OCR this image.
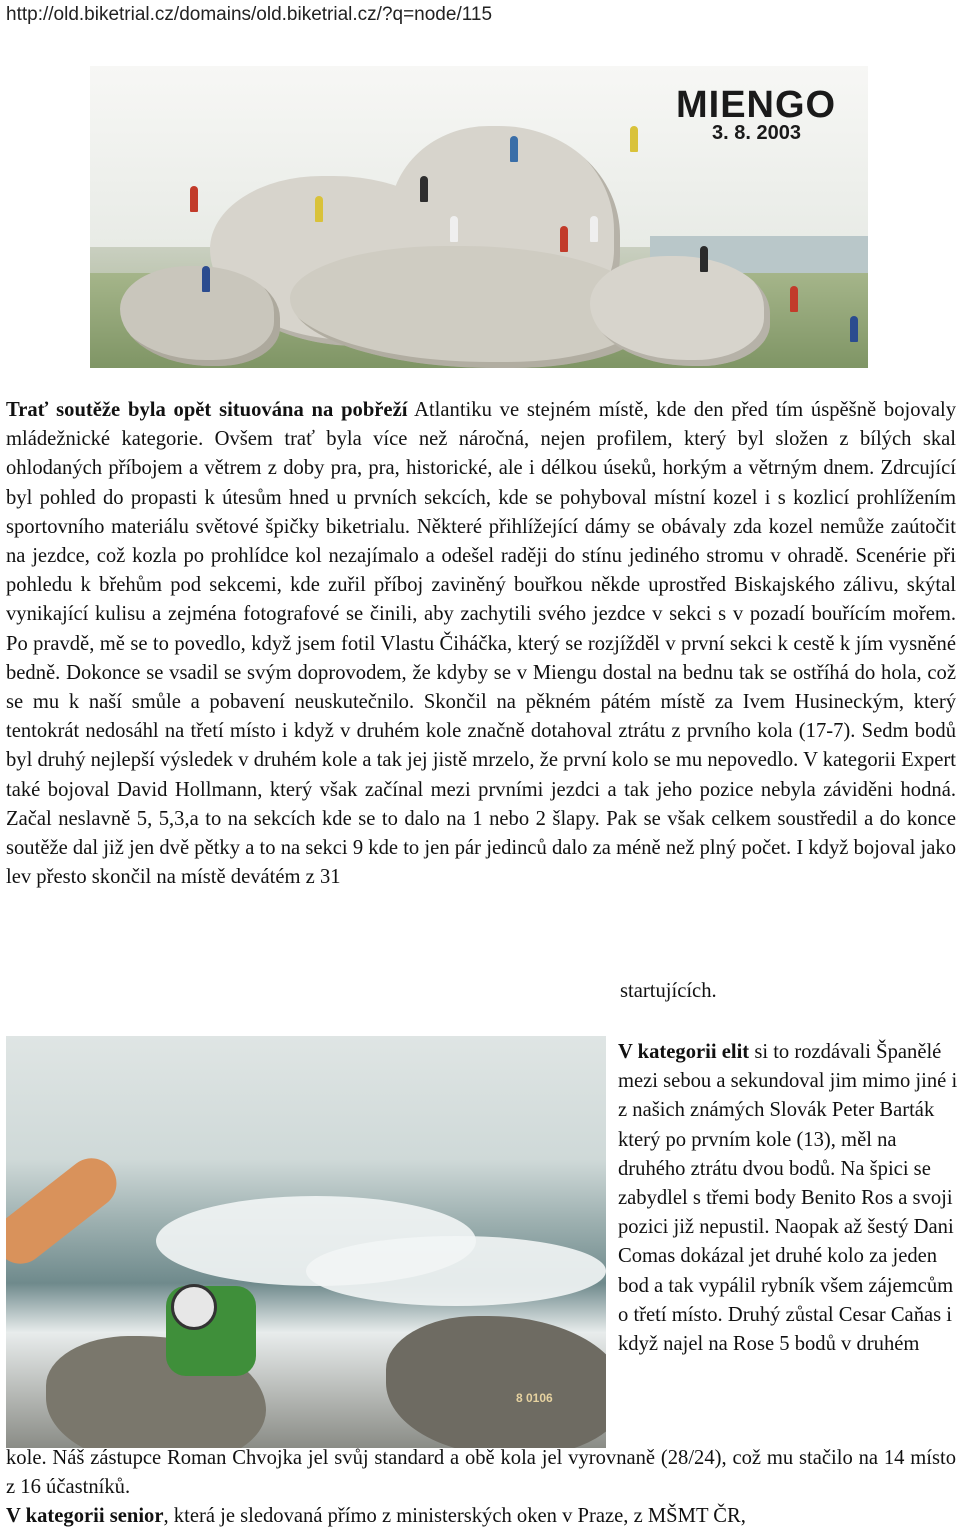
http://old.biketrial.cz/domains/old.biketrial.cz/?q=node/115
MIENGO
3. 8. 2003

Trať soutěže byla opět situována na pobřeží Atlantiku ve stejném místě, kde den před tím úspěšně bojovaly mládežnické kategorie. Ovšem trať byla více než náročná, nejen profilem, který byl složen z bílých skal ohlodaných příbojem a větrem z doby pra, pra, historické, ale i délkou úseků, horkým a větrným dnem. Zdrcující byl pohled do propasti k útesům hned u prvních sekcích, kde se pohyboval místní kozel i s kozlicí prohlížením sportovního materiálu světové špičky biketrialu. Některé přihlížející dámy se obávaly zda kozel nemůže zaútočit na jezdce, což kozla po prohlídce kol nezajímalo a odešel raději do stínu jediného stromu v ohradě. Scenérie při pohledu k břehům pod sekcemi, kde zuřil příboj zaviněný bouřkou někde uprostřed Biskajského zálivu, skýtal vynikající kulisu a zejména fotografové se činili, aby zachytili svého jezdce v sekci s v pozadí bouřícím mořem. Po pravdě, mě se to povedlo, když jsem fotil Vlastu Čiháčka, který se rozjížděl v první sekci k cestě k jím vysněné bedně. Dokonce se vsadil se svým doprovodem, že kdyby se v Miengu dostal na bednu tak se ostříhá do hola, což se mu k naší smůle a pobavení neuskutečnilo. Skončil na pěkném pátém místě za Ivem Husineckým, který tentokrát nedosáhl na třetí místo i když v druhém kole značně dotahoval ztrátu z prvního kola (17-7). Sedm bodů byl druhý nejlepší výsledek v druhém kole a tak jej jistě mrzelo, že první kolo se mu nepovedlo. V kategorii Expert také bojoval David Hollmann, který však začínal mezi prvními jezdci a tak jeho pozice nebyla záviděni hodná. Začal neslavně 5, 5,3,a to na sekcích kde se to dalo na 1 nebo 2 šlapy. Pak se však celkem soustředil a do konce soutěže dal již jen dvě pětky a to na sekci 9 kde to jen pár jedinců dalo za méně než plný počet. I když bojoval jako lev přesto skončil na místě devátém z 31

startujících.
8 0106

V kategorii elit si to rozdávali Španělé mezi sebou a sekundoval jim mimo jiné i z našich známých Slovák Peter Barták který po prvním kole (13), měl na druhého ztrátu dvou bodů. Na špici se zabydlel s třemi body Benito Ros a svoji pozici již nepustil. Naopak až šestý Dani Comas dokázal jet druhé kolo za jeden bod a tak vypálil rybník všem zájemcům o třetí místo. Druhý zůstal Cesar Caňas i když najel na Rose 5 bodů v druhém

kole. Náš zástupce Roman Chvojka jel svůj standard a obě kola jel vyrovnaně (28/24), což mu stačilo na 14 místo z 16 účastníků.

V kategorii senior, která je sledovaná přímo z ministerských oken v Praze, z MŠMT ČR,
